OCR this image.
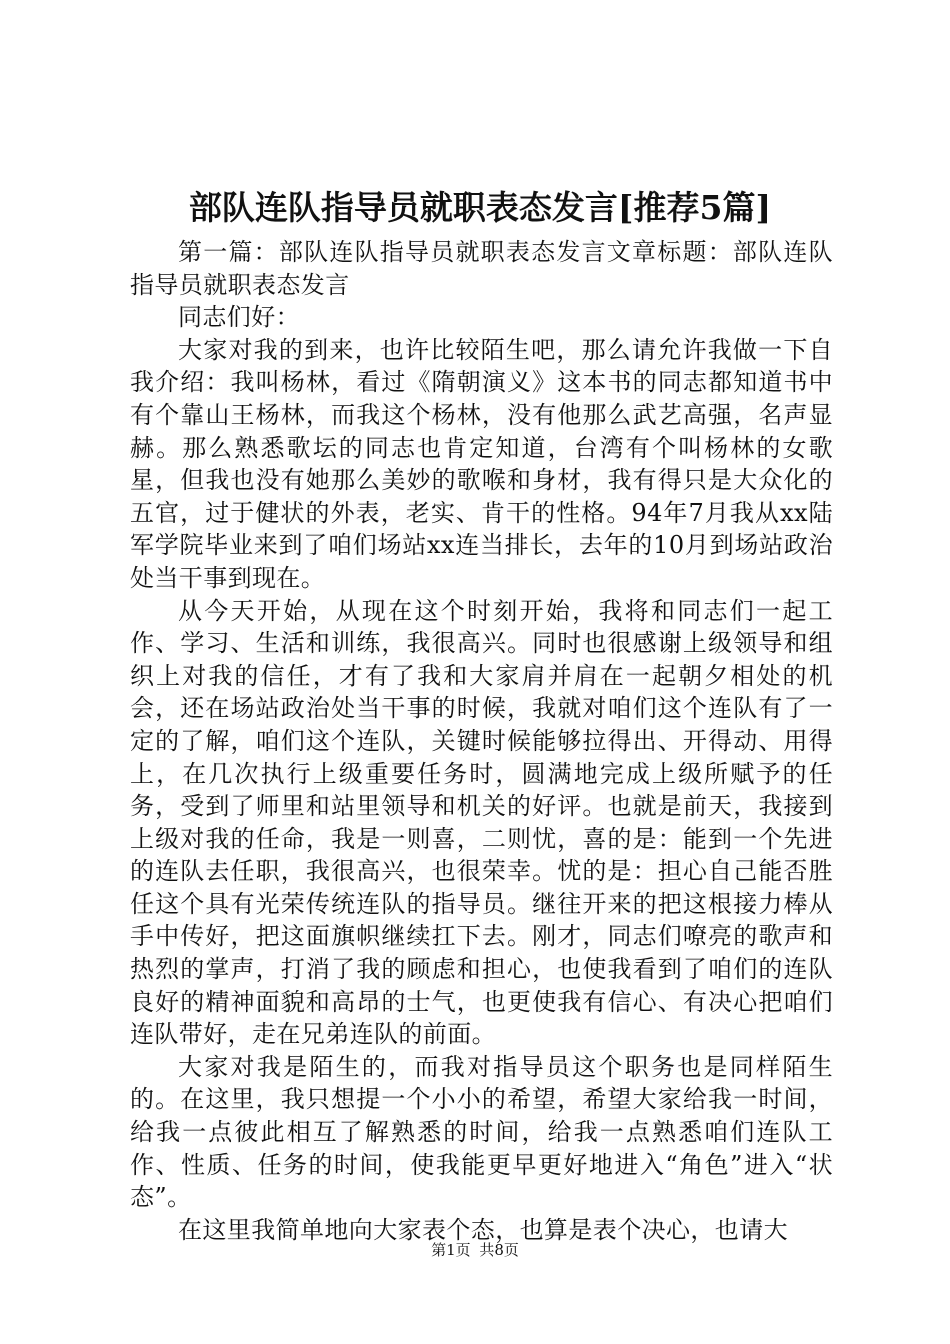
部队连队指导员就职表态发言[推荐5篇]

第一篇：部队连队指导员就职表态发言文章标题：部队连队指导员就职表态发言

同志们好：

大家对我的到来，也许比较陌生吧，那么请允许我做一下自我介绍：我叫杨林，看过《隋朝演义》这本书的同志都知道书中有个靠山王杨林，而我这个杨林，没有他那么武艺高强，名声显赫。那么熟悉歌坛的同志也肯定知道，台湾有个叫杨林的女歌星，但我也没有她那么美妙的歌喉和身材，我有得只是大众化的五官，过于健状的外表，老实、肯干的性格。94年7月我从xx陆军学院毕业来到了咱们场站xx连当排长，去年的10月到场站政治处当干事到现在。

从今天开始，从现在这个时刻开始，我将和同志们一起工作、学习、生活和训练，我很高兴。同时也很感谢上级领导和组织上对我的信任，才有了我和大家肩并肩在一起朝夕相处的机会，还在场站政治处当干事的时候，我就对咱们这个连队有了一定的了解，咱们这个连队，关键时候能够拉得出、开得动、用得上，在几次执行上级重要任务时，圆满地完成上级所赋予的任务，受到了师里和站里领导和机关的好评。也就是前天，我接到上级对我的任命，我是一则喜，二则忧，喜的是：能到一个先进的连队去任职，我很高兴，也很荣幸。忧的是：担心自己能否胜任这个具有光荣传统连队的指导员。继往开来的把这根接力棒从手中传好，把这面旗帜继续扛下去。刚才，同志们嘹亮的歌声和热烈的掌声，打消了我的顾虑和担心，也使我看到了咱们的连队良好的精神面貌和高昂的士气，也更使我有信心、有决心把咱们连队带好，走在兄弟连队的前面。

大家对我是陌生的，而我对指导员这个职务也是同样陌生的。在这里，我只想提一个小小的希望，希望大家给我一时间，给我一点彼此相互了解熟悉的时间，给我一点熟悉咱们连队工作、性质、任务的时间，使我能更早更好地进入“角色”进入“状态”。

在这里我简单地向大家表个态，也算是表个决心，也请大

第1页 共8页
